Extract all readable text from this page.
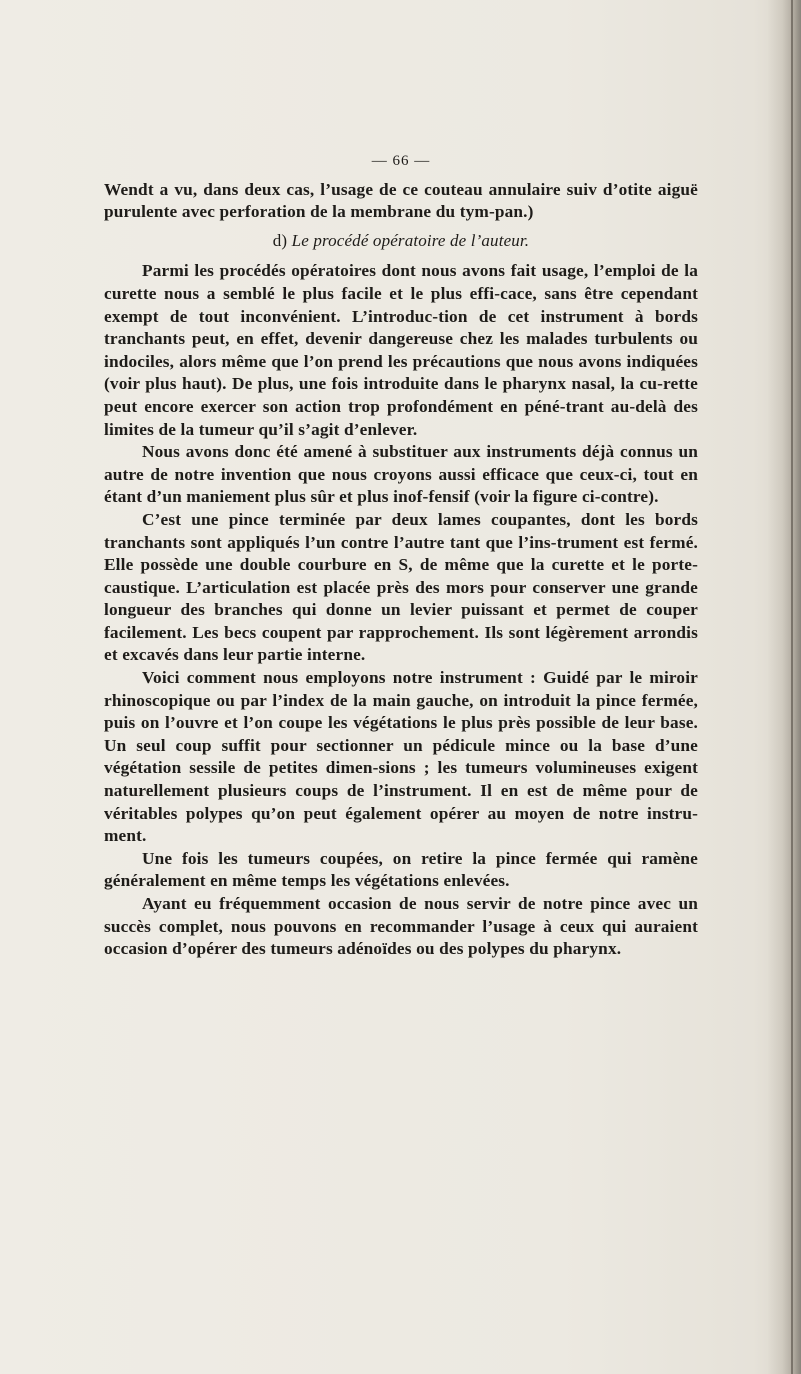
— 66 —

Wendt a vu, dans deux cas, l’usage de ce couteau annulaire suiv d’otite aiguë purulente avec perforation de la membrane du tym-pan.)

d) Le procédé opératoire de l’auteur.

Parmi les procédés opératoires dont nous avons fait usage, l’emploi de la curette nous a semblé le plus facile et le plus effi-cace, sans être cependant exempt de tout inconvénient. L’introduc-tion de cet instrument à bords tranchants peut, en effet, devenir dangereuse chez les malades turbulents ou indociles, alors même que l’on prend les précautions que nous avons indiquées (voir plus haut). De plus, une fois introduite dans le pharynx nasal, la cu-rette peut encore exercer son action trop profondément en péné-trant au-delà des limites de la tumeur qu’il s’agit d’enlever.

Nous avons donc été amené à substituer aux instruments déjà connus un autre de notre invention que nous croyons aussi efficace que ceux-ci, tout en étant d’un maniement plus sûr et plus inof-fensif (voir la figure ci-contre).

C’est une pince terminée par deux lames coupantes, dont les bords tranchants sont appliqués l’un contre l’autre tant que l’ins-trument est fermé. Elle possède une double courbure en S, de même que la curette et le porte-caustique. L’articulation est placée près des mors pour conserver une grande longueur des branches qui donne un levier puissant et permet de couper facilement. Les becs coupent par rapprochement. Ils sont légèrement arrondis et excavés dans leur partie interne.

Voici comment nous employons notre instrument : Guidé par le miroir rhinoscopique ou par l’index de la main gauche, on introduit la pince fermée, puis on l’ouvre et l’on coupe les végétations le plus près possible de leur base. Un seul coup suffit pour sectionner un pédicule mince ou la base d’une végétation sessile de petites dimen-sions ; les tumeurs volumineuses exigent naturellement plusieurs coups de l’instrument. Il en est de même pour de véritables polypes qu’on peut également opérer au moyen de notre instru-ment.

Une fois les tumeurs coupées, on retire la pince fermée qui ramène généralement en même temps les végétations enlevées.

Ayant eu fréquemment occasion de nous servir de notre pince avec un succès complet, nous pouvons en recommander l’usage à ceux qui auraient occasion d’opérer des tumeurs adénoïdes ou des polypes du pharynx.
